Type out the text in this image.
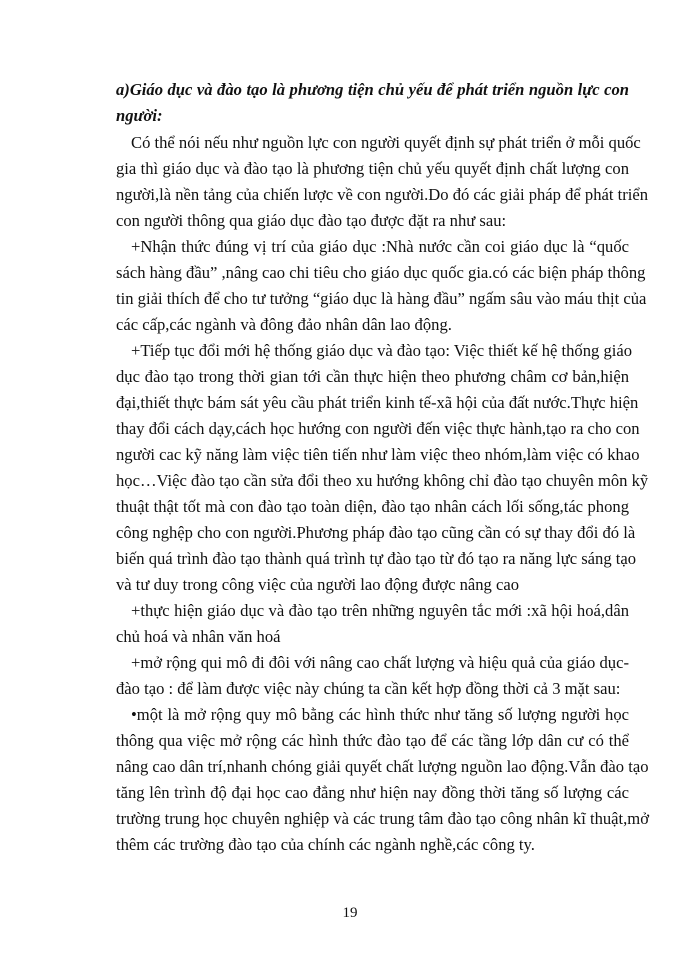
a)Giáo dục và đào tạo là phương tiện chủ yếu để phát triển nguồn lực con
người:
Có thể nói nếu như nguồn lực con người quyết định sự phát triển ở mỗi quốc
gia thì giáo dục và đào tạo là phương tiện chủ yếu quyết định chất lượng con
người,là nền tảng của chiến lược về con người.Do đó các giải pháp để phát triển
con người thông qua giáo dục đào tạo được đặt ra như sau:
+Nhận thức đúng vị trí của giáo dục :Nhà nước cần coi giáo dục là “quốc
sách hàng đầu” ,nâng cao chi tiêu cho giáo dục quốc gia.có các biện pháp thông
tin giải thích để cho tư tưởng “giáo dục là hàng đầu” ngấm sâu vào máu thịt của
các cấp,các ngành và đông đảo nhân dân lao động.
+Tiếp tục đổi mới hệ thống giáo dục và đào tạo: Việc thiết kế hệ thống giáo
dục đào tạo trong thời gian tới cần thực hiện theo phương châm cơ bản,hiện
đại,thiết thực bám sát yêu cầu phát triển kinh tế-xã hội của đất nước.Thực hiện
thay đổi cách dạy,cách học hướng con người đến việc thực hành,tạo ra cho con
người cac kỹ năng làm việc tiên tiến như làm việc theo nhóm,làm việc có khao
học…Việc đào tạo cần sửa đổi theo xu hướng không chỉ đào tạo chuyên môn kỹ
thuật thật tốt mà con đào tạo toàn diện, đào tạo nhân cách lối sống,tác phong
công nghệp cho con người.Phương pháp đào tạo cũng cần có sự thay đổi đó là
biến quá trình đào tạo thành quá trình tự đào tạo từ đó tạo ra năng lực sáng tạo
và tư duy trong công việc của người lao động được nâng cao
+thực hiện giáo dục và đào tạo trên những nguyên tắc mới :xã hội hoá,dân
chủ hoá và nhân văn hoá
+mở rộng qui mô đi đôi với nâng cao chất lượng và hiệu quả của giáo dục-
đào tạo : để làm được việc này chúng ta cần kết hợp đồng thời cả 3 mặt sau:
•một là mở rộng quy mô bằng các hình thức như tăng số lượng người học
thông qua việc mở rộng các hình thức đào tạo để các tầng lớp dân cư có thể
nâng cao dân trí,nhanh chóng giải quyết chất lượng nguồn lao động.Vẫn đào tạo
tăng lên trình độ đại học cao đẳng như hiện nay đồng thời tăng số lượng các
trường trung học chuyên nghiệp và các trung tâm đào tạo công nhân kĩ thuật,mở
thêm các trường đào tạo của chính các ngành nghề,các công ty.
19
